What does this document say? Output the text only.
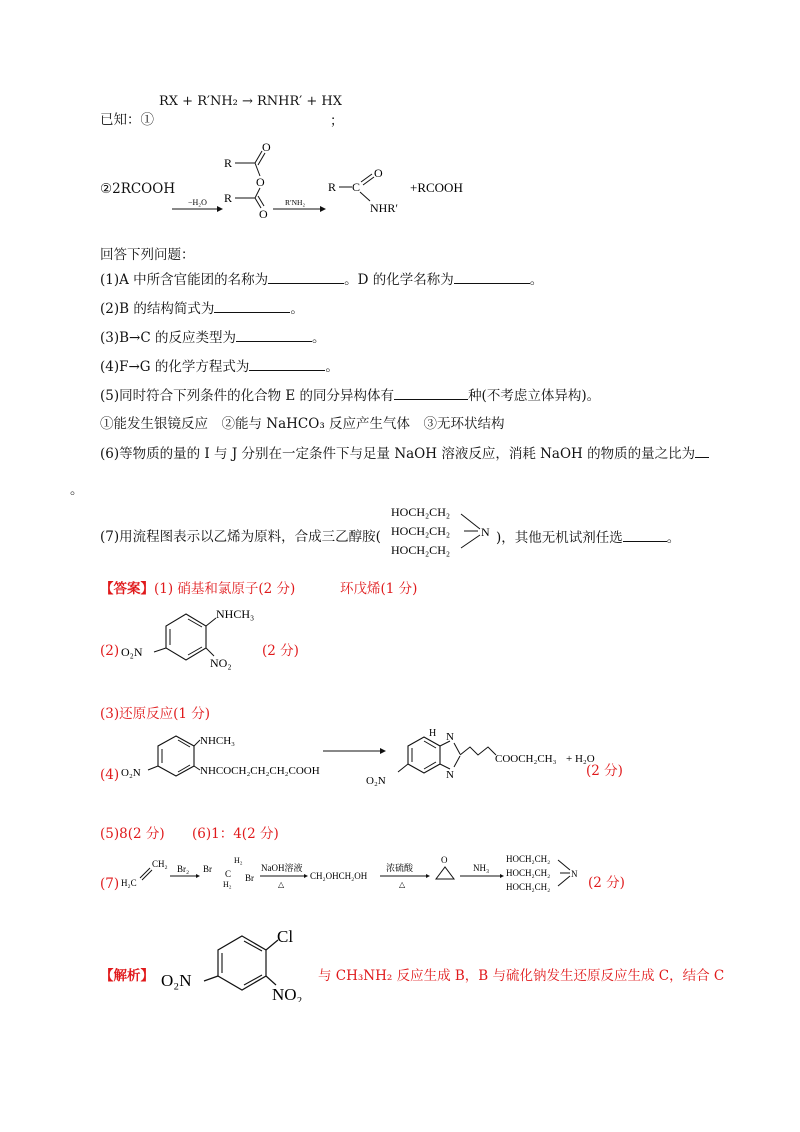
已知：①
RX + R′NH₂ → RNHR′ + HX
；
②2RCOOH
−H₂O
R
O
O
R
O
R′NH₂
R C
O
NHR′
+RCOOH
回答下列问题：
(1)A 中所含官能团的名称为	。D 的化学名称为	。
(2)B 的结构简式为	。
(3)B→C 的反应类型为	。
(4)F→G 的化学方程式为	。
(5)同时符合下列条件的化合物 E 的同分异构体有	种(不考虑立体异构)。
①能发生银镜反应　②能与 NaHCO₃ 反应产生气体　③无环状结构
(6)等物质的量的 I 与 J 分别在一定条件下与足量 NaOH 溶液反应，消耗 NaOH 的物质的量之比为
。
(7)用流程图表示以乙烯为原料，合成三乙醇胺(
HOCH₂CH₂
HOCH₂CH₂
HOCH₂CH₂
N )，其他无机试剂任选	。
【答案】(1) 硝基和氯原子(2 分)	环戊烯(1 分)
(2)
NHCH₃
O₂N
NO₂
(2 分)
(3)还原反应(1 分)
(4)
NHCH₃
O₂N	NHCOCH₂CH₂CH₂COOH
H N
N
COOCH₂CH₃
O₂N
+ H₂O
(2 分)
(5)8(2 分) (6)1：4(2 分)
(7) H₂C
CH₂ Br₂ Br
H₂
C
H₂
Br
NaOH溶液
△
CH₂OHCH₂OH
浓硫酸
△
O
NH₃
HOCH₂CH₂
HOCH₂CH₂
HOCH₂CH₂
N
(2 分)
【解析】
Cl
O₂N
NO₂
与 CH₃NH₂ 反应生成 B，B 与硫化钠发生还原反应生成 C，结合 C
